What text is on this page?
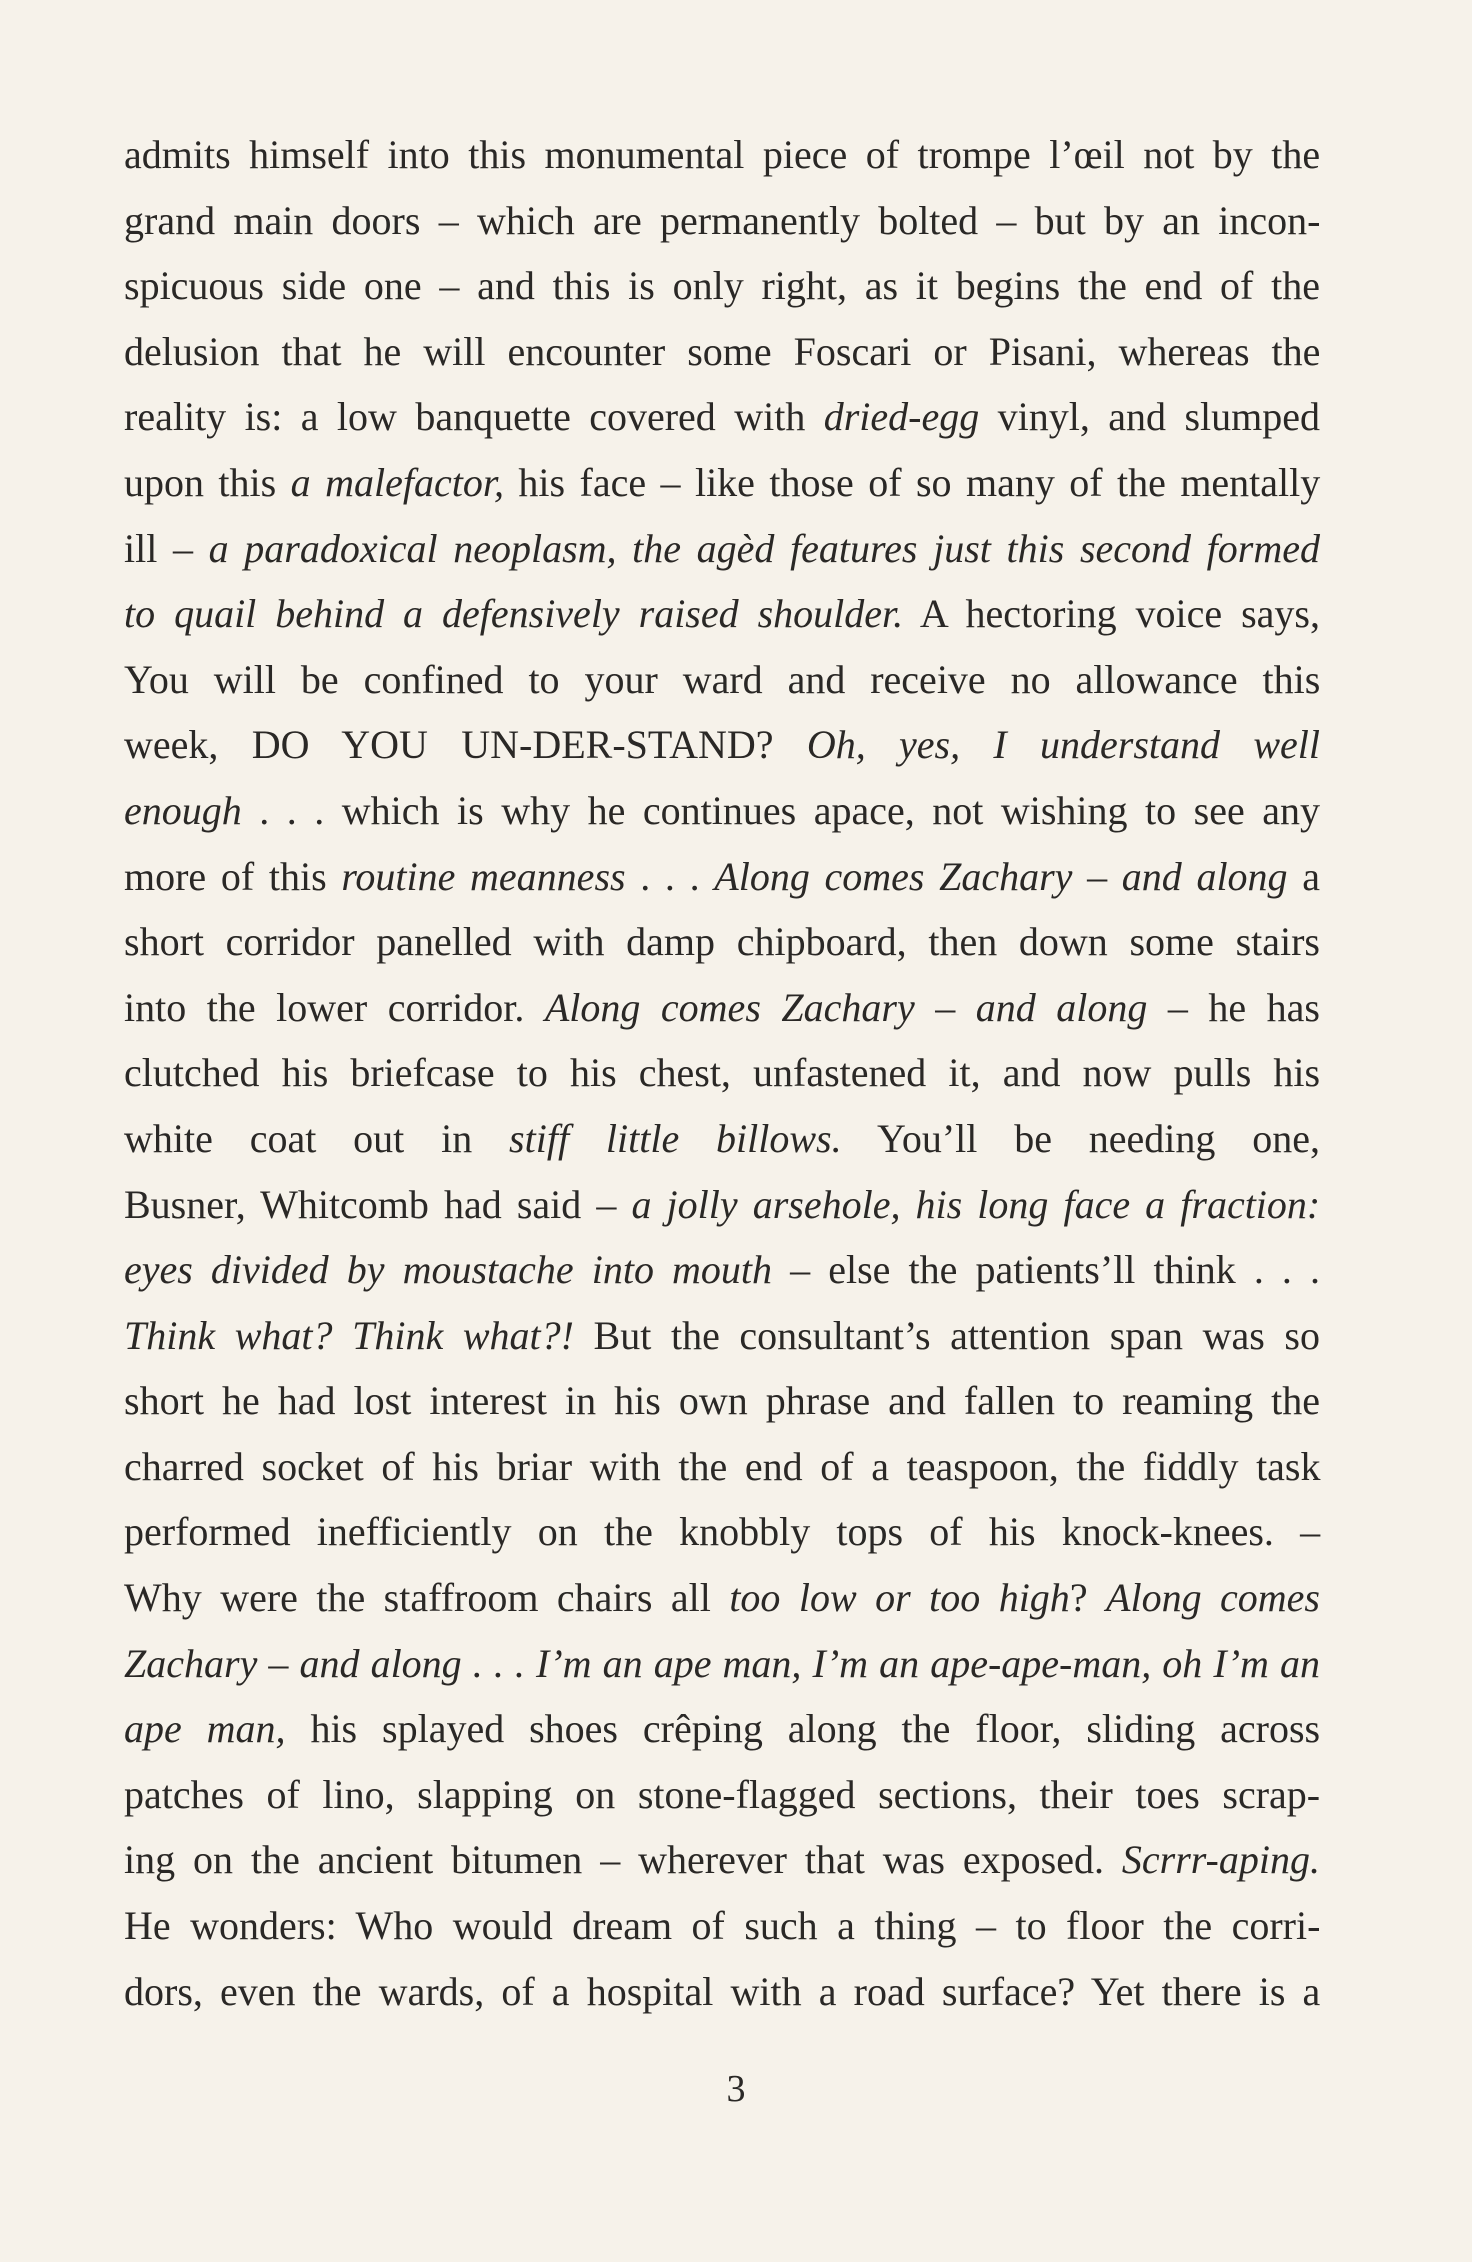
admits himself into this monumental piece of trompe l’œil not by the
grand main doors – which are permanently bolted – but by an incon-
spicuous side one – and this is only right, as it begins the end of the
delusion that he will encounter some Foscari or Pisani, whereas the
reality is: a low banquette covered with dried-egg vinyl, and slumped
upon this a malefactor, his face – like those of so many of the mentally
ill – a paradoxical neoplasm, the agèd features just this second formed
to quail behind a defensively raised shoulder. A hectoring voice says,
You will be confined to your ward and receive no allowance this
week, DO YOU UN-DER-STAND? Oh, yes, I understand well
enough . . . which is why he continues apace, not wishing to see any
more of this routine meanness . . . Along comes Zachary – and along a
short corridor panelled with damp chipboard, then down some stairs
into the lower corridor. Along comes Zachary – and along – he has
clutched his briefcase to his chest, unfastened it, and now pulls his
white coat out in stiff little billows. You’ll be needing one,
Busner, Whitcomb had said – a jolly arsehole, his long face a fraction:
eyes divided by moustache into mouth – else the patients’ll think . . .
Think what? Think what?! But the consultant’s attention span was so
short he had lost interest in his own phrase and fallen to reaming the
charred socket of his briar with the end of a teaspoon, the fiddly task
performed inefficiently on the knobbly tops of his knock-knees. –
Why were the staffroom chairs all too low or too high? Along comes
Zachary – and along . . . I’m an ape man, I’m an ape-ape-man, oh I’m an
ape man, his splayed shoes crêping along the floor, sliding across
patches of lino, slapping on stone-flagged sections, their toes scrap-
ing on the ancient bitumen – wherever that was exposed. Scrrr-aping.
He wonders: Who would dream of such a thing – to floor the corri-
dors, even the wards, of a hospital with a road surface? Yet there is a
3
